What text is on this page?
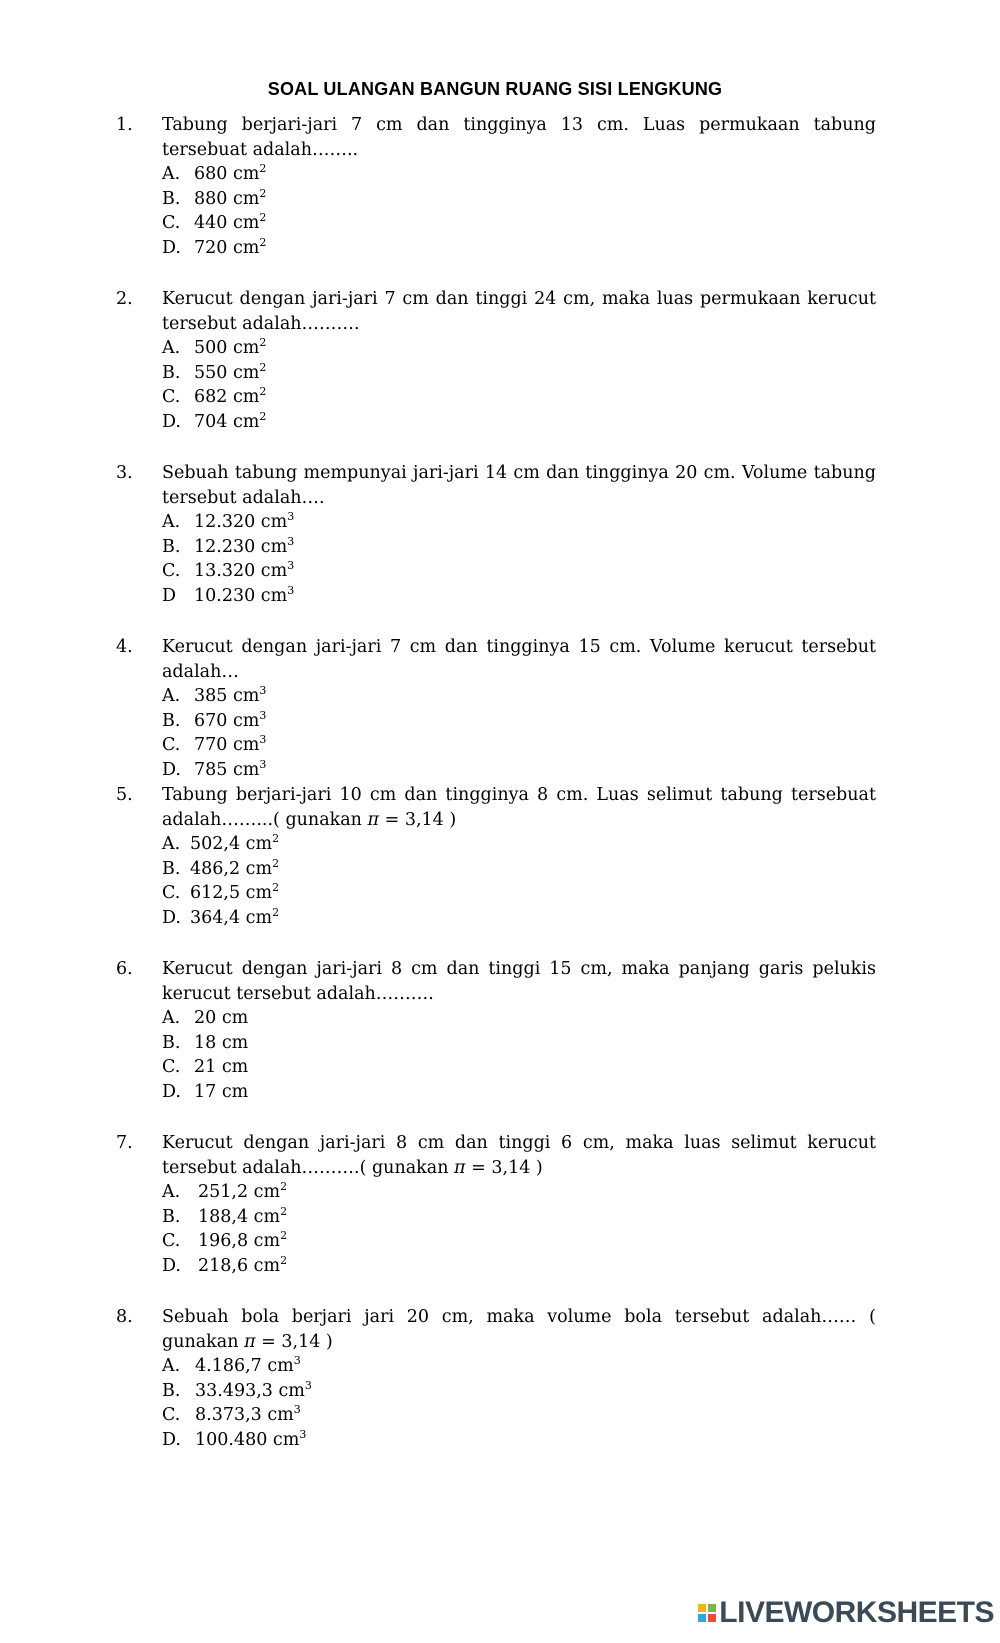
SOAL ULANGAN BANGUN RUANG SISI LENGKUNG
1. Tabung berjari-jari 7 cm dan tingginya 13 cm. Luas permukaan tabung tersebuat adalah……..
A. 680 $cm^2$
B. 880 $cm^2$
C. 440 $cm^2$
D. 720 $cm^2$
2. Kerucut dengan jari-jari 7 cm dan tinggi 24 cm, maka luas permukaan kerucut tersebut adalah……….
A. 500 $cm^2$
B. 550 $cm^2$
C. 682 $cm^2$
D. 704 $cm^2$
3. Sebuah tabung mempunyai jari-jari 14 cm dan tingginya 20 cm. Volume tabung tersebut adalah….
A. 12.320 $cm^3$
B. 12.230 $cm^3$
C. 13.320 $cm^3$
D 10.230 $cm^3$
4. Kerucut dengan jari-jari 7 cm dan tingginya 15 cm. Volume kerucut tersebut adalah…
A. 385 $cm^3$
B. 670 $cm^3$
C. 770 $cm^3$
D. 785 $cm^3$
5. Tabung berjari-jari 10 cm dan tingginya 8 cm. Luas selimut tabung tersebuat adalah……...( gunakan π = 3,14 )
A. 502,4 $cm^2$
B. 486,2 $cm^2$
C. 612,5 $cm^2$
D. 364,4 $cm^2$
6. Kerucut dengan jari-jari 8 cm dan tinggi 15 cm, maka panjang garis pelukis kerucut tersebut adalah……….
A. 20 cm
B. 18 cm
C. 21 cm
D. 17 cm
7. Kerucut dengan jari-jari 8 cm dan tinggi 6 cm, maka luas selimut kerucut tersebut adalah……….( gunakan π = 3,14 )
A. 251,2 $cm^2$
B. 188,4 $cm^2$
C. 196,8 $cm^2$
D. 218,6 $cm^2$
8. Sebuah bola berjari jari 20 cm, maka volume bola tersebut adalah…… ( gunakan π = 3,14 )
A. 4.186,7 $cm^3$
B. 33.493,3 $cm^3$
C. 8.373,3 $cm^3$
D. 100.480 $cm^3$
LIVEWORKSHEETS
